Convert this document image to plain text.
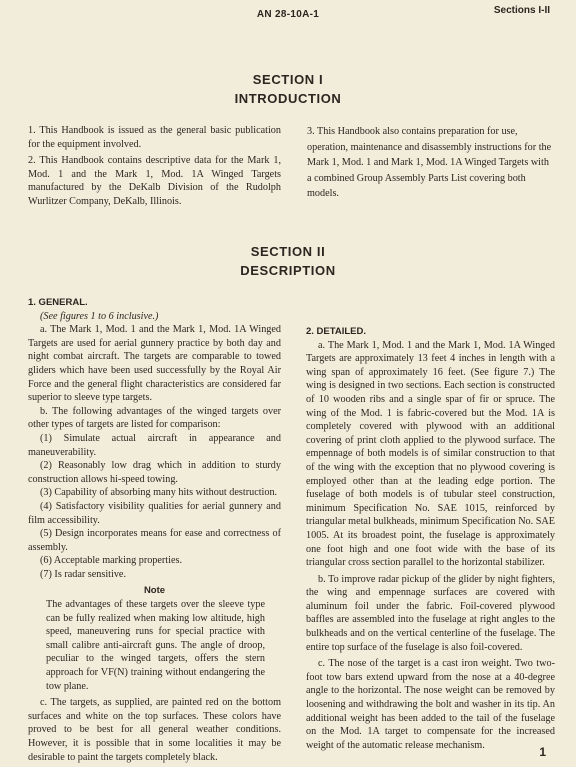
AN 28-10A-1	Sections I-II
SECTION I
INTRODUCTION

1. This Handbook is issued as the general basic publication for the equipment involved.

2. This Handbook contains descriptive data for the Mark 1, Mod. 1 and the Mark 1, Mod. 1A Winged Targets manufactured by the DeKalb Division of the Rudolph Wurlitzer Company, DeKalb, Illinois.

3. This Handbook also contains preparation for use, operation, maintenance and disassembly instructions for the Mark 1, Mod. 1 and Mark 1, Mod. 1A Winged Targets with a combined Group Assembly Parts List covering both models.

SECTION II
DESCRIPTION

1. GENERAL.

(See figures 1 to 6 inclusive.)

a. The Mark 1, Mod. 1 and the Mark 1, Mod. 1A Winged Targets are used for aerial gunnery practice by both day and night combat aircraft. The targets are comparable to towed gliders which have been used successfully by the Royal Air Force and the general flight characteristics are considered far superior to sleeve type targets.

b. The following advantages of the winged targets over other types of targets are listed for comparison:

(1) Simulate actual aircraft in appearance and maneuverability.

(2) Reasonably low drag which in addition to sturdy construction allows hi-speed towing.

(3) Capability of absorbing many hits without destruction.

(4) Satisfactory visibility qualities for aerial gunnery and film accessibility.

(5) Design incorporates means for ease and correctness of assembly.

(6) Acceptable marking properties.

(7) Is radar sensitive.

Note

The advantages of these targets over the sleeve type can be fully realized when making low altitude, high speed, maneuvering runs for special practice with small calibre anti-aircraft guns. The angle of droop, peculiar to the winged targets, offers the stern approach for VF(N) training without endangering the tow plane.

c. The targets, as supplied, are painted red on the bottom surfaces and white on the top surfaces. These colors have proved to be best for all general weather conditions. However, it is possible that in some localities it may be desirable to paint the targets completely black.

2. DETAILED.

a. The Mark 1, Mod. 1 and the Mark 1, Mod. 1A Winged Targets are approximately 13 feet 4 inches in length with a wing span of approximately 16 feet. (See figure 7.) The wing is designed in two sections. Each section is constructed of 10 wooden ribs and a single spar of fir or spruce. The wing of the Mod. 1 is fabric-covered but the Mod. 1A is completely covered with plywood with an additional covering of print cloth applied to the plywood surface. The empennage of both models is of similar construction to that of the wing with the exception that no plywood covering is employed other than at the leading edge portion. The fuselage of both models is of tubular steel construction, minimum Specification No. SAE 1015, reinforced by triangular metal bulkheads, minimum Specification No. SAE 1005. At its broadest point, the fuselage is approximately one foot high and one foot wide with the base of its triangular cross section parallel to the horizontal stabilizer.

b. To improve radar pickup of the glider by night fighters, the wing and empennage surfaces are covered with aluminum foil under the fabric. Foil-covered plywood baffles are assembled into the fuselage at right angles to the bulkheads and on the vertical centerline of the fuselage. The entire top surface of the fuselage is also foil-covered.

c. The nose of the target is a cast iron weight. Two two-foot tow bars extend upward from the nose at a 40-degree angle to the horizontal. The nose weight can be removed by loosening and withdrawing the bolt and washer in its tip. An additional weight has been added to the tail of the fuselage on the Mod. 1A target to compensate for the increased weight of the automatic release mechanism.	1
